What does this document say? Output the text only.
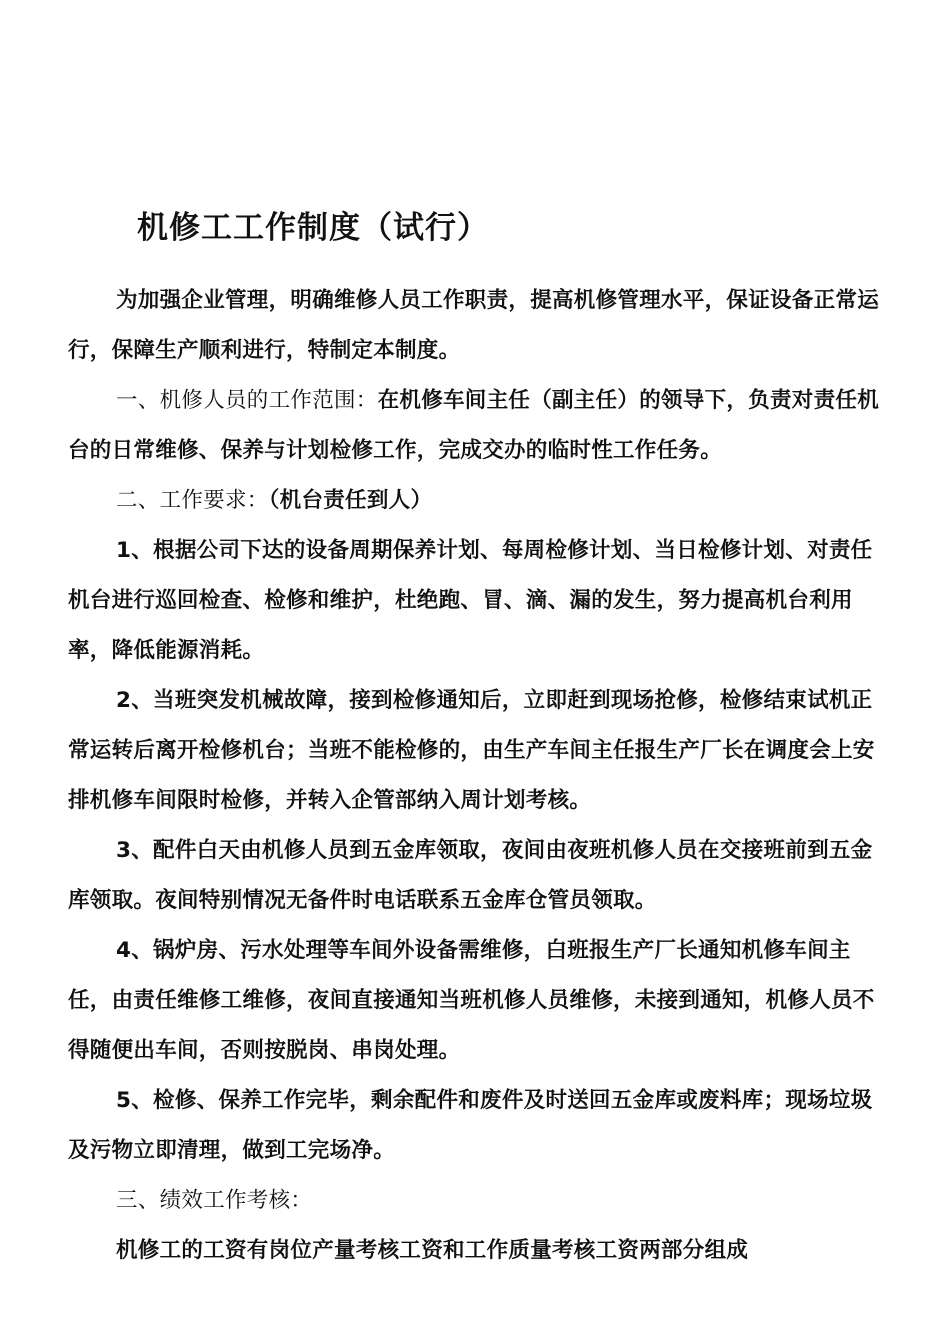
机修工工作制度（试行）

为加强企业管理，明确维修人员工作职责，提高机修管理水平，保证设备正常运行，保障生产顺利进行，特制定本制度。

一、机修人员的工作范围：在机修车间主任（副主任）的领导下，负责对责任机台的日常维修、保养与计划检修工作，完成交办的临时性工作任务。

二、工作要求：（机台责任到人）

1、根据公司下达的设备周期保养计划、每周检修计划、当日检修计划、对责任机台进行巡回检查、检修和维护，杜绝跑、冒、滴、漏的发生，努力提高机台利用率，降低能源消耗。

2、当班突发机械故障，接到检修通知后，立即赶到现场抢修，检修结束试机正常运转后离开检修机台；当班不能检修的，由生产车间主任报生产厂长在调度会上安排机修车间限时检修，并转入企管部纳入周计划考核。

3、配件白天由机修人员到五金库领取，夜间由夜班机修人员在交接班前到五金库领取。夜间特别情况无备件时电话联系五金库仓管员领取。

4、锅炉房、污水处理等车间外设备需维修，白班报生产厂长通知机修车间主任，由责任维修工维修，夜间直接通知当班机修人员维修，未接到通知，机修人员不得随便出车间，否则按脱岗、串岗处理。

5、检修、保养工作完毕，剩余配件和废件及时送回五金库或废料库；现场垃圾及污物立即清理，做到工完场净。

三、绩效工作考核：

机修工的工资有岗位产量考核工资和工作质量考核工资两部分组成
